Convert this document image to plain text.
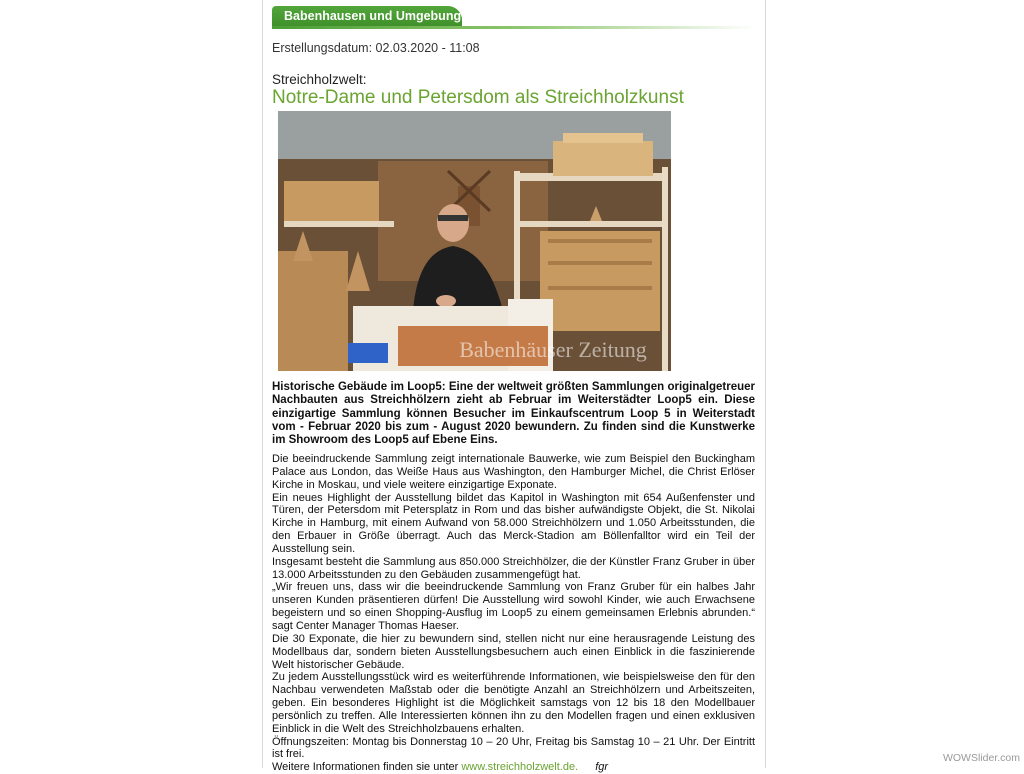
Babenhausen und Umgebung
Erstellungsdatum: 02.03.2020 - 11:08
Streichholzwelt:
Notre-Dame und Petersdom als Streichholzkunst
Babenhäuser Zeitung

Historische Gebäude im Loop5: Eine der weltweit größten Sammlungen originalgetreuer Nachbauten aus Streichhölzern zieht ab Februar im Weiterstädter Loop5 ein. Diese einzigartige Sammlung können Besucher im Einkaufscentrum Loop 5 in Weiterstadt vom - Februar 2020 bis zum - August 2020 bewundern. Zu finden sind die Kunstwerke im Showroom des Loop5 auf Ebene Eins.

Die beeindruckende Sammlung zeigt internationale Bauwerke, wie zum Beispiel den Buckingham Palace aus London, das Weiße Haus aus Washington, den Hamburger Michel, die Christ Erlöser Kirche in Moskau, und viele weitere einzigartige Exponate.

Ein neues Highlight der Ausstellung bildet das Kapitol in Washington mit 654 Außenfenster und Türen, der Petersdom mit Petersplatz in Rom und das bisher aufwändigste Objekt, die St. Nikolai Kirche in Hamburg, mit einem Aufwand von 58.000 Streichhölzern und 1.050 Arbeitsstunden, die den Erbauer in Größe überragt. Auch das Merck-Stadion am Böllenfalltor wird ein Teil der Ausstellung sein.

Insgesamt besteht die Sammlung aus 850.000 Streichhölzer, die der Künstler Franz Gruber in über 13.000 Arbeitsstunden zu den Gebäuden zusammengefügt hat.

„Wir freuen uns, dass wir die beeindruckende Sammlung von Franz Gruber für ein halbes Jahr unseren Kunden präsentieren dürfen! Die Ausstellung wird sowohl Kinder, wie auch Erwachsene begeistern und so einen Shopping-Ausflug im Loop5 zu einem gemeinsamen Erlebnis abrunden.“ sagt Center Manager Thomas Haeser.

Die 30 Exponate, die hier zu bewundern sind, stellen nicht nur eine herausragende Leistung des Modellbaus dar, sondern bieten Ausstellungsbesuchern auch einen Einblick in die faszinierende Welt historischer Gebäude.

Zu jedem Ausstellungsstück wird es weiterführende Informationen, wie beispielsweise den für den Nachbau verwendeten Maßstab oder die benötigte Anzahl an Streichhölzern und Arbeitszeiten, geben. Ein besonderes Highlight ist die Möglichkeit samstags von 12 bis 18 den Modellbauer persönlich zu treffen. Alle Interessierten können ihn zu den Modellen fragen und einen exklusiven Einblick in die Welt des Streichholzbauens erhalten.

Öffnungszeiten: Montag bis Donnerstag 10 – 20 Uhr, Freitag bis Samstag 10 – 21 Uhr. Der Eintritt ist frei.

Weitere Informationen finden sie unter www.streichholzwelt.de. fgr

WOWSlider.com
